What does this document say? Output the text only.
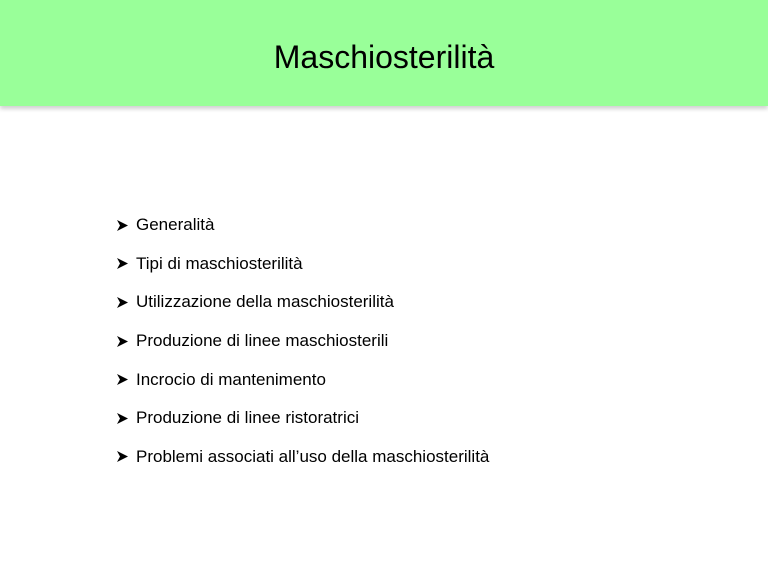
Maschiosterilità
Generalità
Tipi di maschiosterilità
Utilizzazione della maschiosterilità
Produzione di linee maschiosterili
Incrocio di mantenimento
Produzione di linee ristoratrici
Problemi associati all’uso della maschiosterilità
